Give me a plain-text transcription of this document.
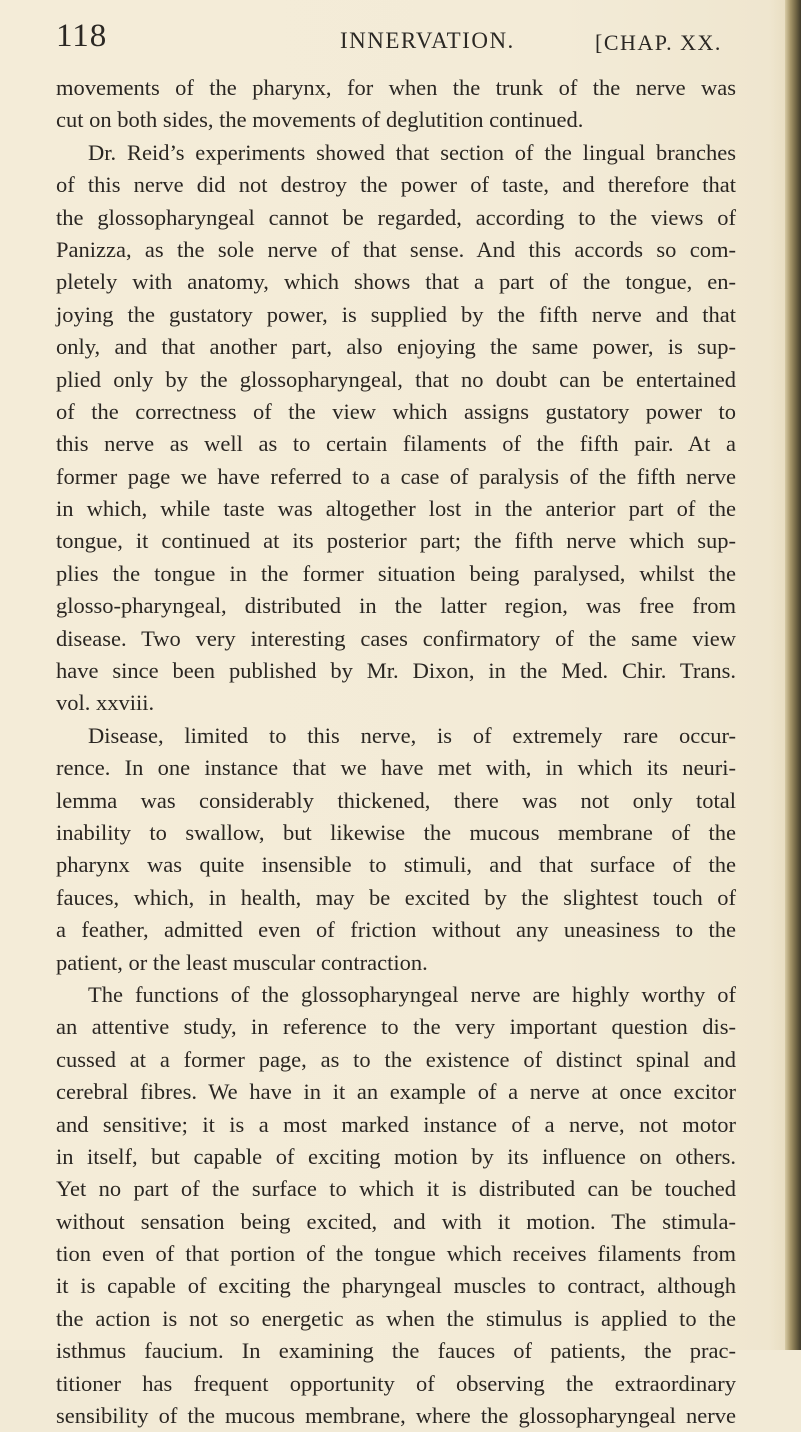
118	INNERVATION.	[CHAP. XX.
movements of the pharynx, for when the trunk of the nerve was
cut on both sides, the movements of deglutition continued.
Dr. Reid’s experiments showed that section of the lingual branches
of this nerve did not destroy the power of taste, and therefore that
the glossopharyngeal cannot be regarded, according to the views of
Panizza, as the sole nerve of that sense. And this accords so com-
pletely with anatomy, which shows that a part of the tongue, en-
joying the gustatory power, is supplied by the fifth nerve and that
only, and that another part, also enjoying the same power, is sup-
plied only by the glossopharyngeal, that no doubt can be entertained
of the correctness of the view which assigns gustatory power to
this nerve as well as to certain filaments of the fifth pair. At a
former page we have referred to a case of paralysis of the fifth nerve
in which, while taste was altogether lost in the anterior part of the
tongue, it continued at its posterior part; the fifth nerve which sup-
plies the tongue in the former situation being paralysed, whilst the
glosso-pharyngeal, distributed in the latter region, was free from
disease. Two very interesting cases confirmatory of the same view
have since been published by Mr. Dixon, in the Med. Chir. Trans.
vol. xxviii.
Disease, limited to this nerve, is of extremely rare occur-
rence. In one instance that we have met with, in which its neuri-
lemma was considerably thickened, there was not only total
inability to swallow, but likewise the mucous membrane of the
pharynx was quite insensible to stimuli, and that surface of the
fauces, which, in health, may be excited by the slightest touch of
a feather, admitted even of friction without any uneasiness to the
patient, or the least muscular contraction.
The functions of the glossopharyngeal nerve are highly worthy of
an attentive study, in reference to the very important question dis-
cussed at a former page, as to the existence of distinct spinal and
cerebral fibres. We have in it an example of a nerve at once excitor
and sensitive; it is a most marked instance of a nerve, not motor
in itself, but capable of exciting motion by its influence on others.
Yet no part of the surface to which it is distributed can be touched
without sensation being excited, and with it motion. The stimula-
tion even of that portion of the tongue which receives filaments from
it is capable of exciting the pharyngeal muscles to contract, although
the action is not so energetic as when the stimulus is applied to the
isthmus faucium. In examining the fauces of patients, the prac-
titioner has frequent opportunity of observing the extraordinary
sensibility of the mucous membrane, where the glossopharyngeal nerve
